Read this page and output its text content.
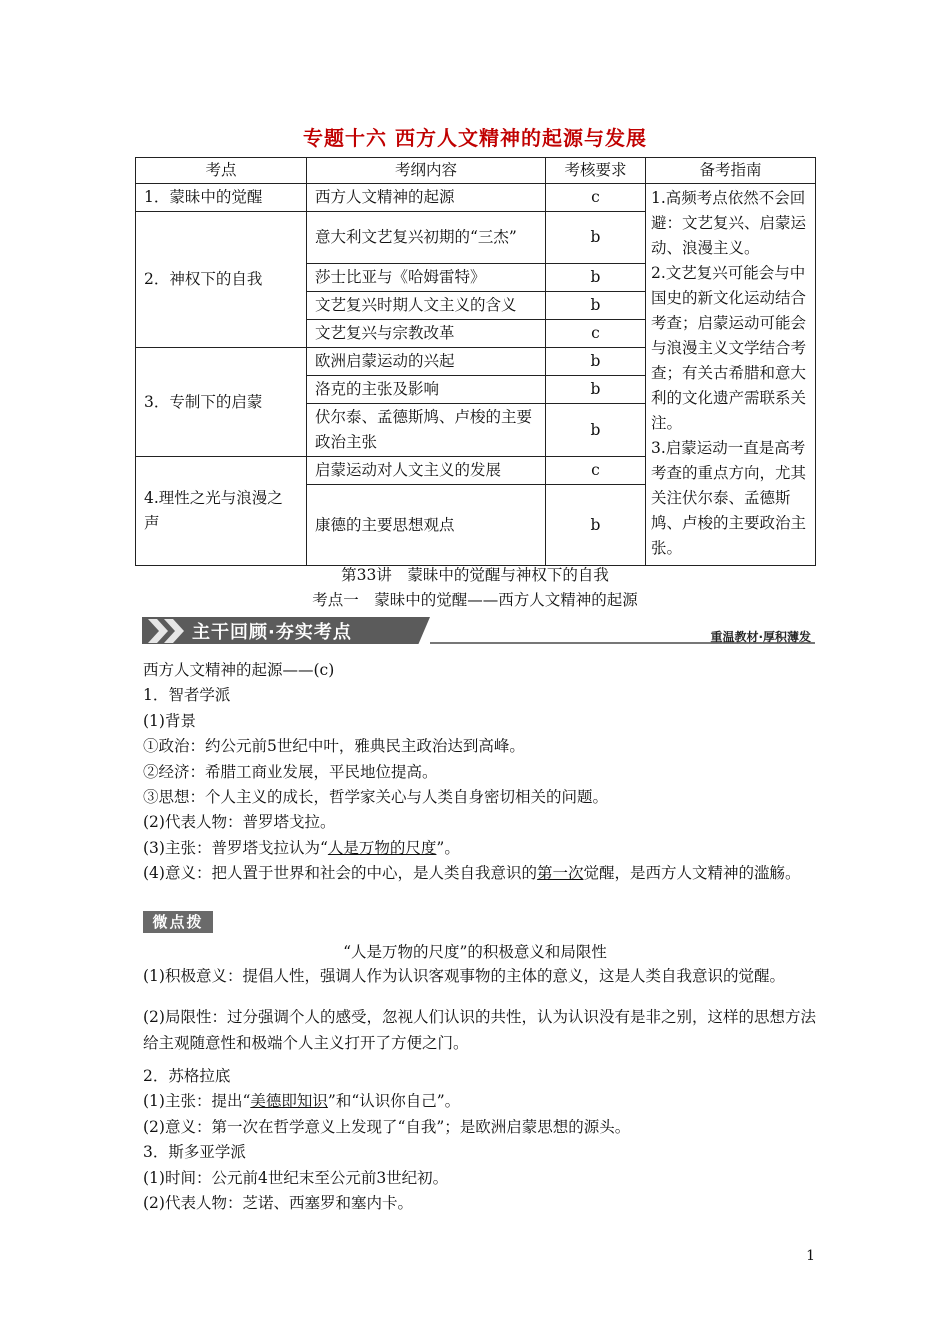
专题十六 西方人文精神的起源与发展
考点	考纲内容	考核要求	备考指南
1．蒙昧中的觉醒	西方人文精神的起源	c	1.高频考点依然不会回避：文艺复兴、启蒙运动、浪漫主义。
2.文艺复兴可能会与中国史的新文化运动结合考查；启蒙运动可能会与浪漫主义文学结合考查；有关古希腊和意大利的文化遗产需联系关注。
3.启蒙运动一直是高考考查的重点方向，尤其关注伏尔泰、孟德斯鸠、卢梭的主要政治主张。

2．神权下的自我	意大利文艺复兴初期的“三杰”	b	
	莎士比亚与《哈姆雷特》	b	
	文艺复兴时期人文主义的含义	b	
	文艺复兴与宗教改革	c	
3．专制下的启蒙	欧洲启蒙运动的兴起	b	
	洛克的主张及影响	b	
	伏尔泰、孟德斯鸠、卢梭的主要政治主张	b	
4.理性之光与浪漫之声	启蒙运动对人文主义的发展	c	
	康德的主要思想观点	b	
第33讲　蒙昧中的觉醒与神权下的自我
考点一　蒙昧中的觉醒——西方人文精神的起源
主干回顾·夯实考点	重温教材·厚积薄发

西方人文精神的起源——(c)

1．智者学派

(1)背景

①政治：约公元前5世纪中叶，雅典民主政治达到高峰。

②经济：希腊工商业发展，平民地位提高。

③思想：个人主义的成长，哲学家关心与人类自身密切相关的问题。

(2)代表人物：普罗塔戈拉。

(3)主张：普罗塔戈拉认为“人是万物的尺度”。

(4)意义：把人置于世界和社会的中心，是人类自我意识的第一次觉醒，是西方人文精神的滥觞。

微点拨
“人是万物的尺度”的积极意义和局限性

(1)积极意义：提倡人性，强调人作为认识客观事物的主体的意义，这是人类自我意识的觉醒。

(2)局限性：过分强调个人的感受，忽视人们认识的共性，认为认识没有是非之别，这样的思想方法给主观随意性和极端个人主义打开了方便之门。

2．苏格拉底

(1)主张：提出“美德即知识”和“认识你自己”。

(2)意义：第一次在哲学意义上发现了“自我”；是欧洲启蒙思想的源头。

3．斯多亚学派

(1)时间：公元前4世纪末至公元前3世纪初。

(2)代表人物：芝诺、西塞罗和塞内卡。

1
